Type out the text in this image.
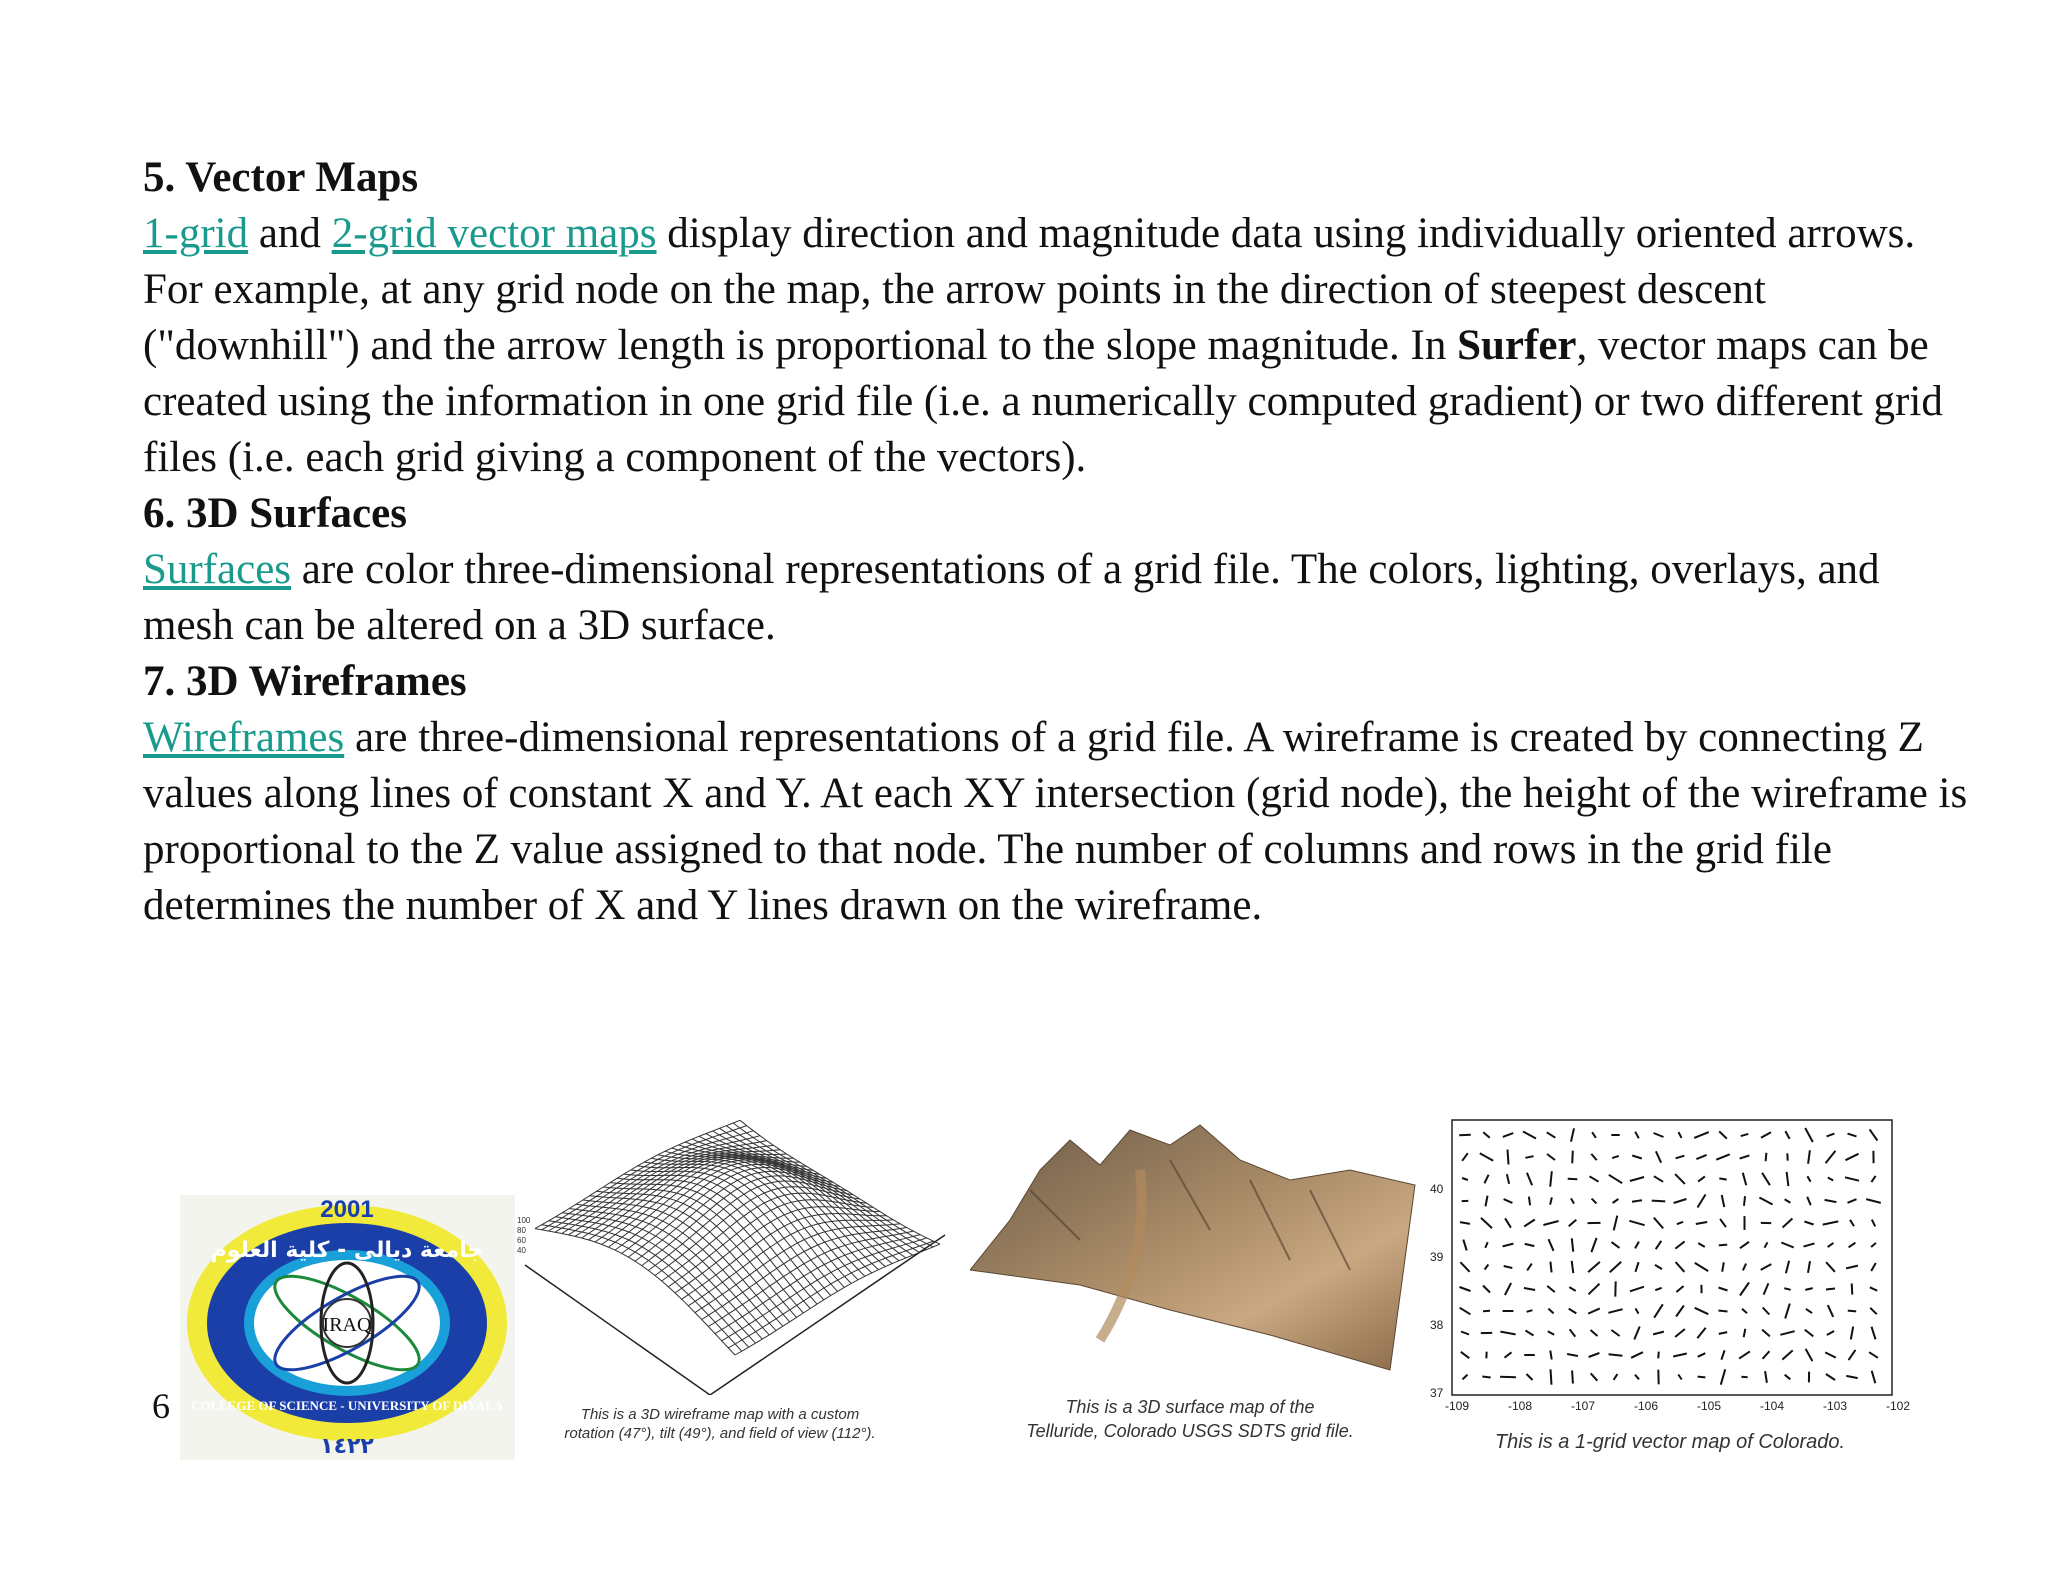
5. Vector Maps

1-grid and 2-grid vector maps display direction and magnitude data using individually oriented arrows. For example, at any grid node on the map, the arrow points in the direction of steepest descent ("downhill") and the arrow length is proportional to the slope magnitude. In Surfer, vector maps can be created using the information in one grid file (i.e. a numerically computed gradient) or two different grid files (i.e. each grid giving a component of the vectors).

6. 3D Surfaces

Surfaces are color three-dimensional representations of a grid file. The colors, lighting, overlays, and mesh can be altered on a 3D surface.

7. 3D Wireframes

Wireframes are three-dimensional representations of a grid file. A wireframe is created by connecting Z values along lines of constant X and Y. At each XY intersection (grid node), the height of the wireframe is proportional to the Z value assigned to that node. The number of columns and rows in the grid file determines the number of X and Y lines drawn on the wireframe.

6
IRAQ
2001
جامعة ديالى - كلية العلوم
COLLEGE OF SCIENCE - UNIVERSITY OF DIYALA
١٤٢٢
100
80
60
40
This is a 3D wireframe map with a custom
rotation (47°), tilt (49°), and field of view (112°).
This is a 3D surface map of the
Telluride, Colorado USGS SDTS grid file.
-109	-108	-107	-106	-105	-104	-103	-102
40
39
38
37
This is a 1-grid vector map of Colorado.
